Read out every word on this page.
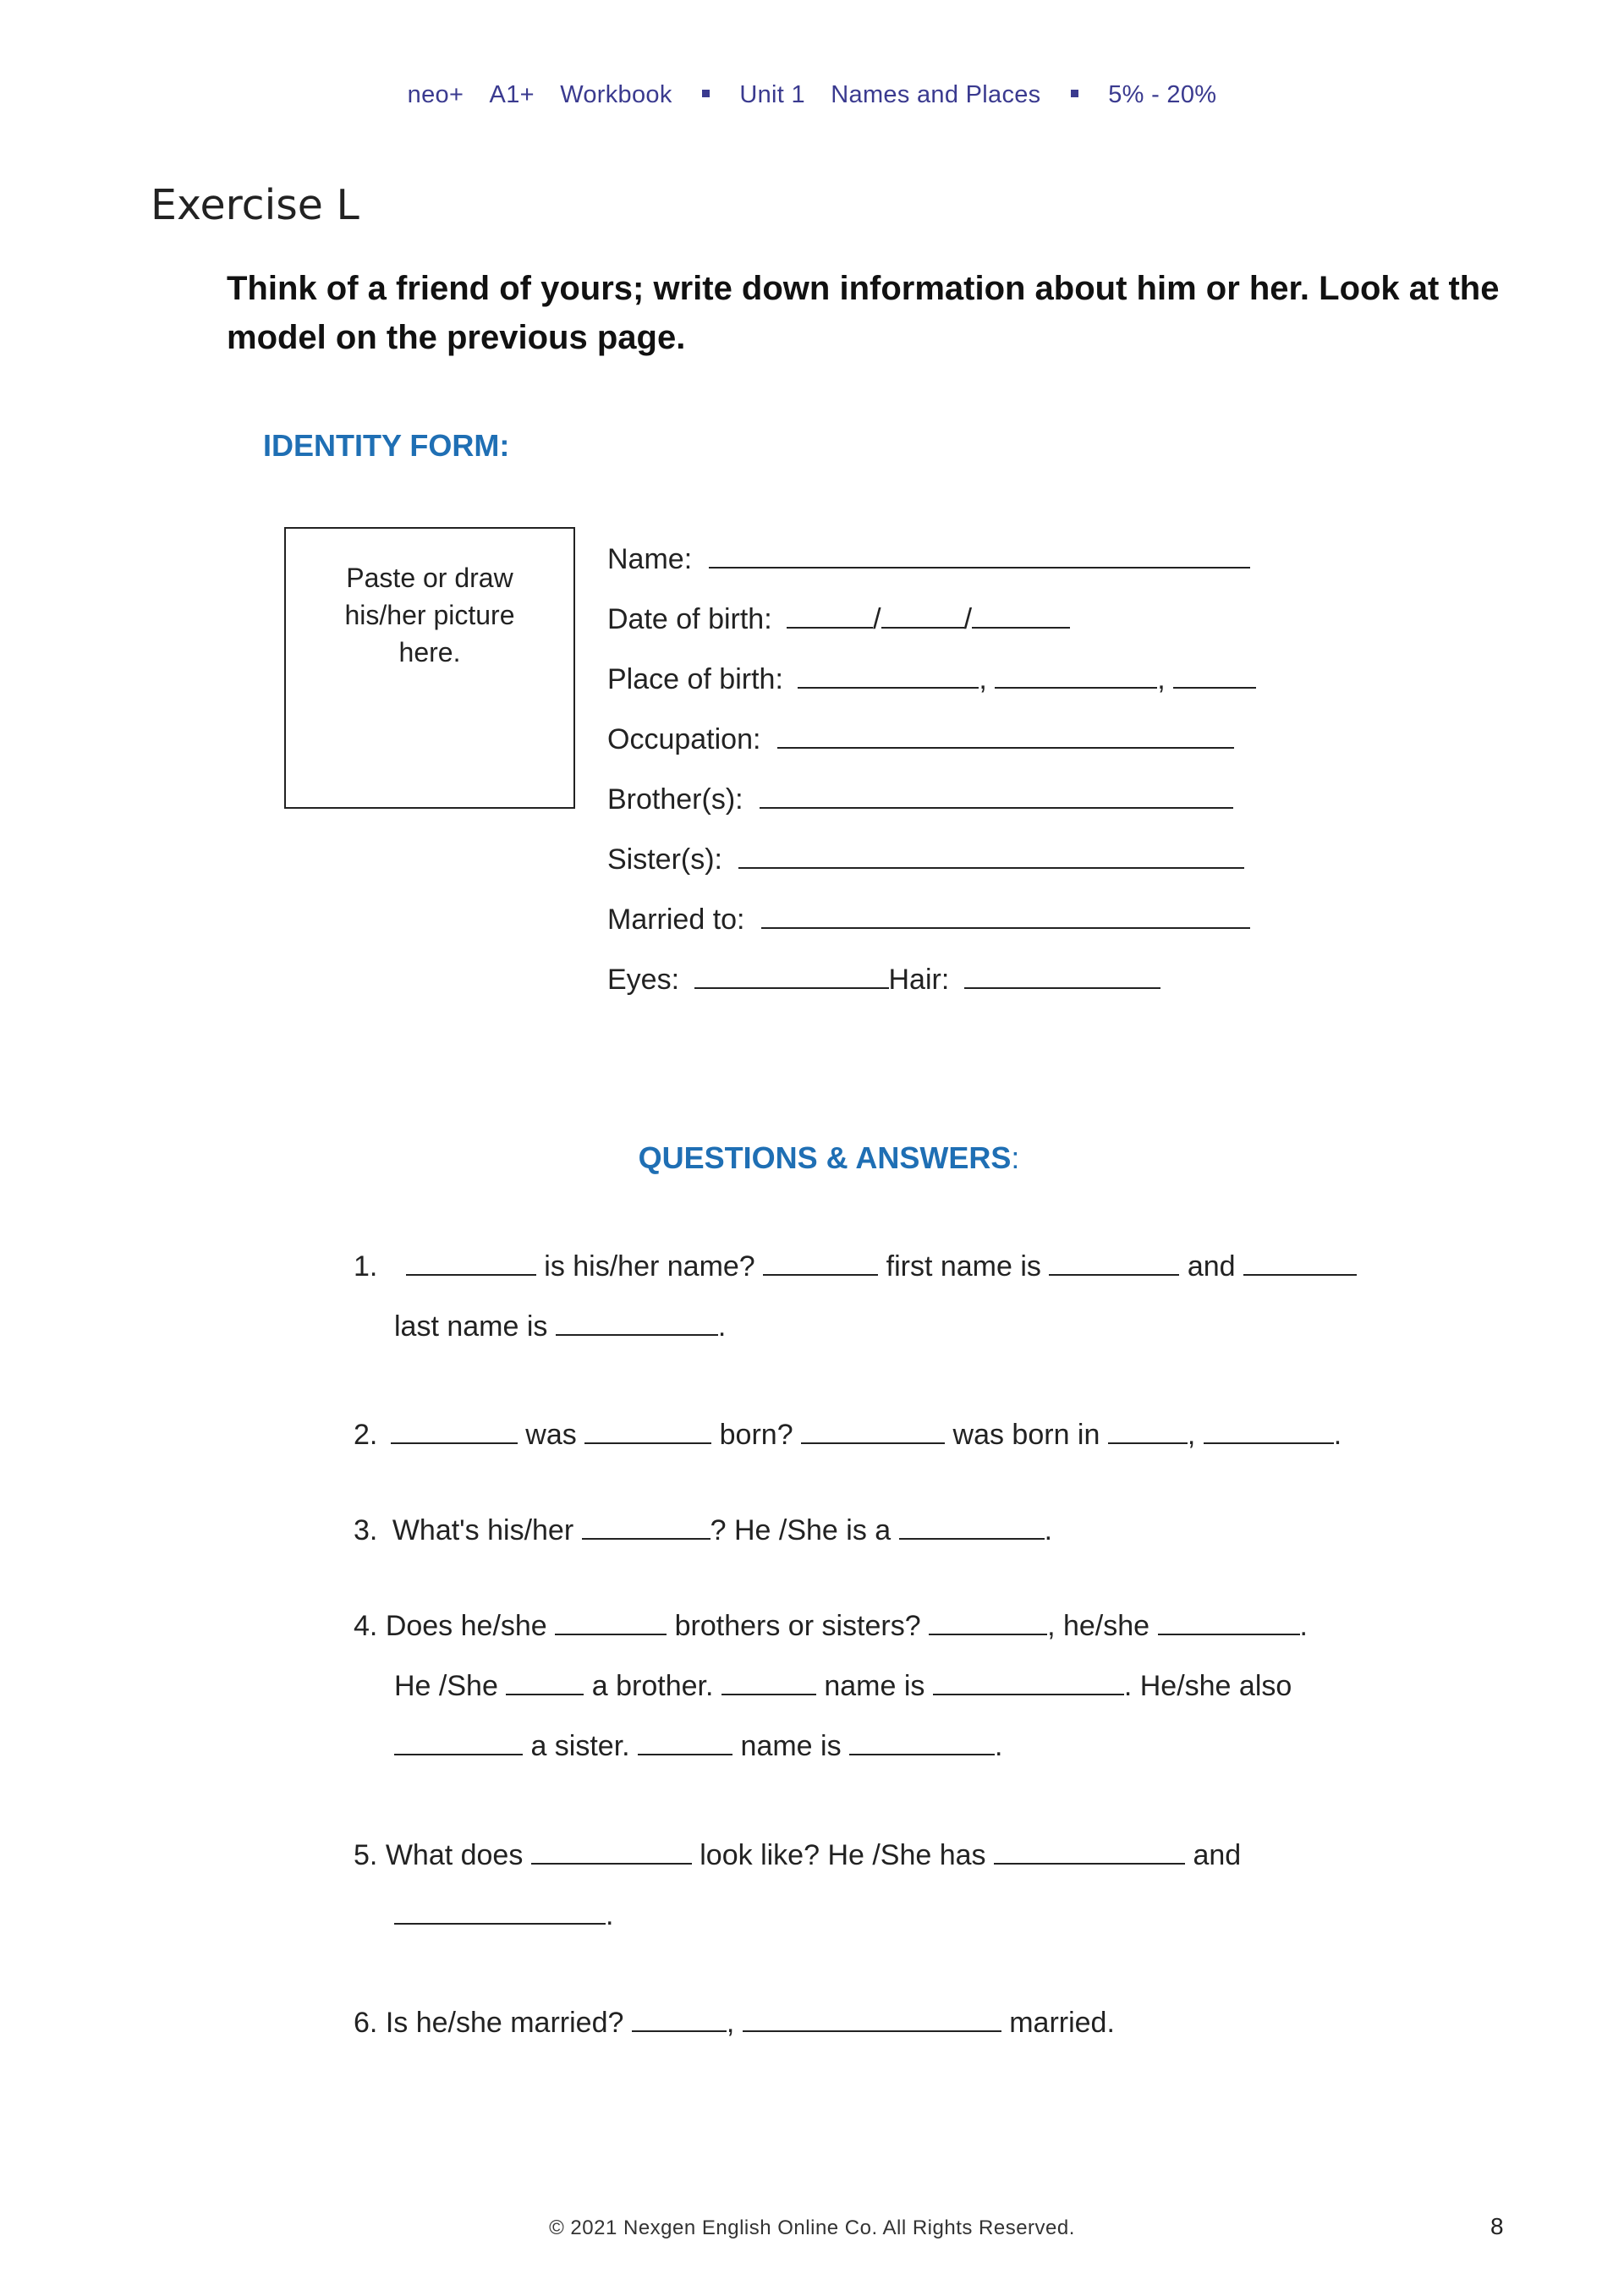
neo+ A1+ Workbook	Unit 1 Names and Places	5% - 20%
Exercise L
Think of a friend of yours; write down information about him or her. Look at the model on the previous page.
IDENTITY FORM:
Paste or draw
his/her picture
here.
Name:
Date of birth:	/	/
Place of birth:	,	,
Occupation:
Brother(s):
Sister(s):
Married to:
Eyes:	Hair:
QUESTIONS & ANSWERS:
1.	is his/her name?	first name is	and
last name is	.
2.	was	born?	was born in	,	.
3. What's his/her	? He /She is a	.
4. Does he/she	brothers or sisters?	, he/she	.
He /She	a brother.	name is	. He/she also
a sister.	name is	.
5. What does	look like? He /She has	and
.
6. Is he/she married?	,	married.
© 2021 Nexgen English Online Co. All Rights Reserved.	8
